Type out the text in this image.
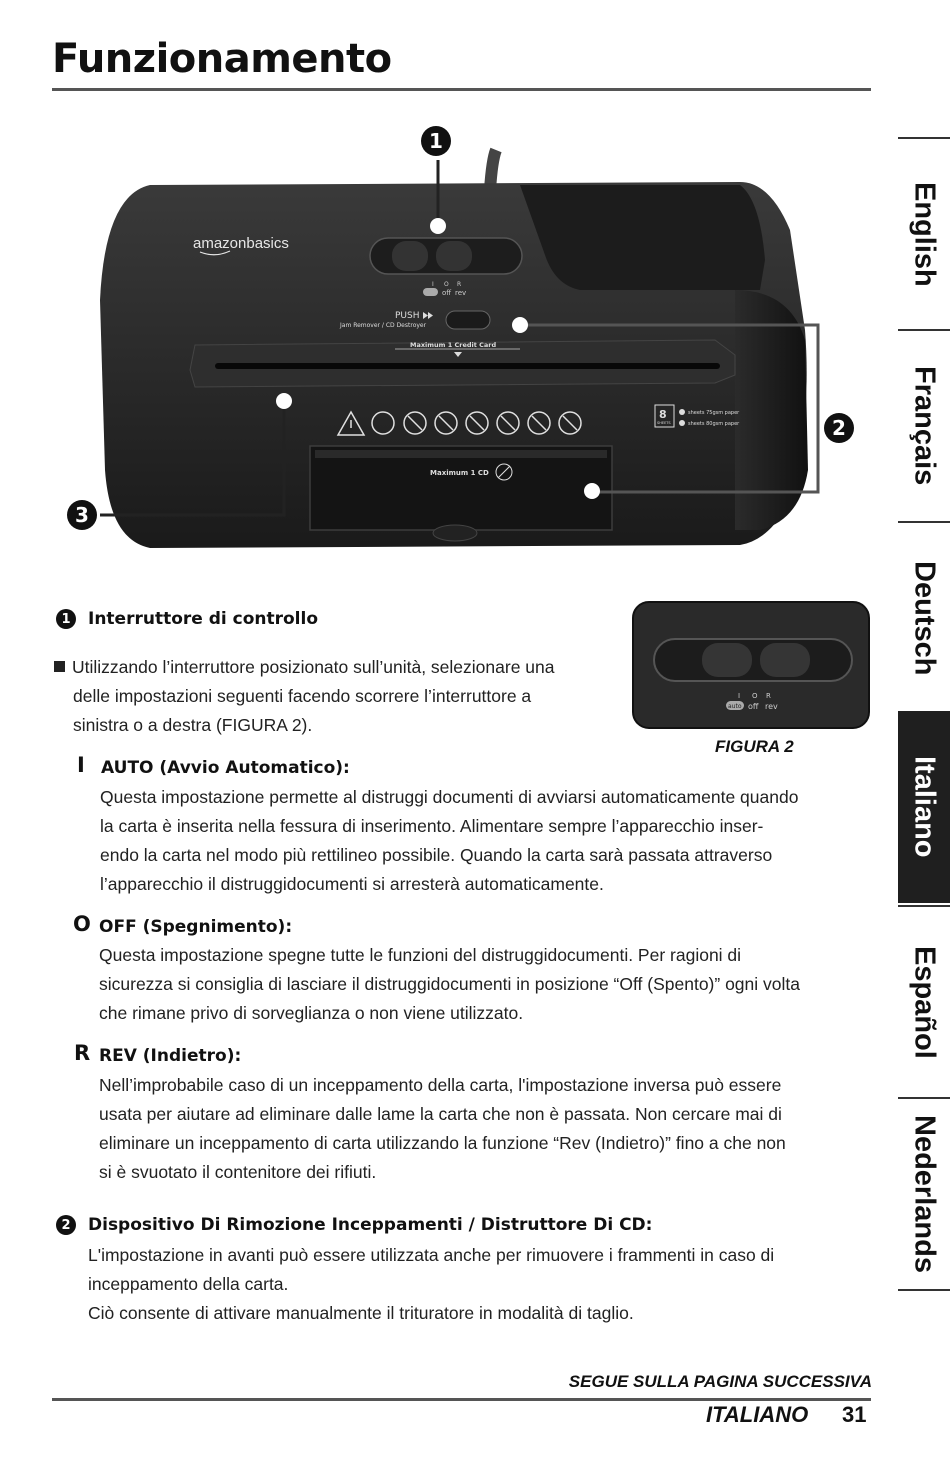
Funzionamento
English
Français
Deutsch
Italiano
Español
Nederlands
I O R
off rev
amazonbasics
PUSH
Jam Remover / CD Destroyer
Maximum 1 Credit Card
8
SHEETS
sheets 75gsm paper
sheets 80gsm paper
Maximum 1 CD
1
2
3
I O R
auto off rev
FIGURA 2
1	Interruttore di controllo

Utilizzando l’interruttore posizionato sull’unità, selezionare una

delle impostazioni seguenti facendo scorrere l’interruttore a

sinistra o a destra (FIGURA 2).

I AUTO (Avvio Automatico):

Questa impostazione permette al distruggi documenti di avviarsi automaticamente quando

la carta è inserita nella fessura di inserimento. Alimentare sempre l’apparecchio inser-

endo la carta nel modo più rettilineo possibile. Quando la carta sarà passata attraverso

l’apparecchio il distruggidocumenti si arresterà automaticamente.

O OFF (Spegnimento):

Questa impostazione spegne tutte le funzioni del distruggidocumenti. Per ragioni di

sicurezza si consiglia di lasciare il distruggidocumenti in posizione “Off (Spento)” ogni volta

che rimane privo di sorveglianza o non viene utilizzato.

R REV (Indietro):

Nell’improbabile caso di un inceppamento della carta, l'impostazione inversa può essere

usata per aiutare ad eliminare dalle lame la carta che non è passata. Non cercare mai di

eliminare un inceppamento di carta utilizzando la funzione “Rev (Indietro)” fino a che non

si è svuotato il contenitore dei rifiuti.

2	Dispositivo Di Rimozione Inceppamenti / Distruttore Di CD:

L'impostazione in avanti può essere utilizzata anche per rimuovere i frammenti in caso di

inceppamento della carta.

Ciò consente di attivare manualmente il trituratore in modalità di taglio.

SEGUE SULLA PAGINA SUCCESSIVA
ITALIANO 31
